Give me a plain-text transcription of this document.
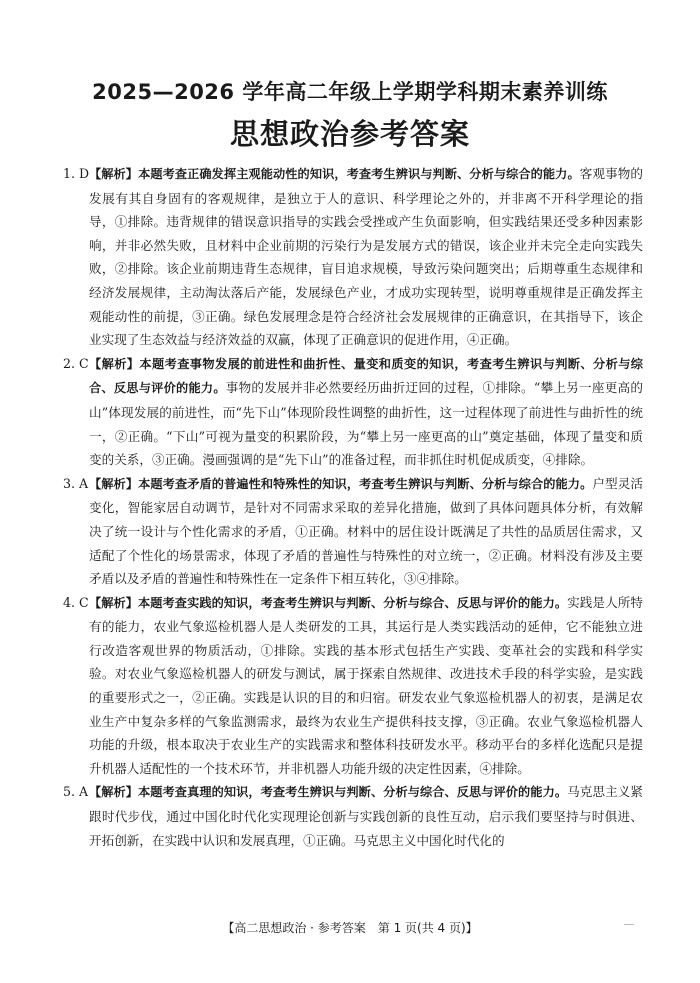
2025—2026 学年高二年级上学期学科期末素养训练
思想政治参考答案

1. D 【解析】本题考查正确发挥主观能动性的知识，考查考生辨识与判断、分析与综合的能力。客观事物的发展有其自身固有的客观规律，是独立于人的意识、科学理论之外的，并非离不开科学理论的指导，①排除。违背规律的错误意识指导的实践会受挫或产生负面影响，但实践结果还受多种因素影响，并非必然失败，且材料中企业前期的污染行为是发展方式的错误，该企业并未完全走向实践失败，②排除。该企业前期违背生态规律，盲目追求规模，导致污染问题突出；后期尊重生态规律和经济发展规律，主动淘汰落后产能，发展绿色产业，才成功实现转型，说明尊重规律是正确发挥主观能动性的前提，③正确。绿色发展理念是符合经济社会发展规律的正确意识，在其指导下，该企业实现了生态效益与经济效益的双赢，体现了正确意识的促进作用，④正确。

2. C 【解析】本题考查事物发展的前进性和曲折性、量变和质变的知识，考查考生辨识与判断、分析与综合、反思与评价的能力。事物的发展并非必然要经历曲折迂回的过程，①排除。“攀上另一座更高的山”体现发展的前进性，而“先下山”体现阶段性调整的曲折性，这一过程体现了前进性与曲折性的统一，②正确。“下山”可视为量变的积累阶段，为“攀上另一座更高的山”奠定基础，体现了量变和质变的关系，③正确。漫画强调的是“先下山”的准备过程，而非抓住时机促成质变，④排除。

3. A 【解析】本题考查矛盾的普遍性和特殊性的知识，考查考生辨识与判断、分析与综合的能力。户型灵活变化，智能家居自动调节，是针对不同需求采取的差异化措施，做到了具体问题具体分析，有效解决了统一设计与个性化需求的矛盾，①正确。材料中的居住设计既满足了共性的品质居住需求，又适配了个性化的场景需求，体现了矛盾的普遍性与特殊性的对立统一，②正确。材料没有涉及主要矛盾以及矛盾的普遍性和特殊性在一定条件下相互转化，③④排除。

4. C 【解析】本题考查实践的知识，考查考生辨识与判断、分析与综合、反思与评价的能力。实践是人所特有的能力，农业气象巡检机器人是人类研发的工具，其运行是人类实践活动的延伸，它不能独立进行改造客观世界的物质活动，①排除。实践的基本形式包括生产实践、变革社会的实践和科学实验。对农业气象巡检机器人的研发与测试，属于探索自然规律、改进技术手段的科学实验，是实践的重要形式之一，②正确。实践是认识的目的和归宿。研发农业气象巡检机器人的初衷，是满足农业生产中复杂多样的气象监测需求，最终为农业生产提供科技支撑，③正确。农业气象巡检机器人功能的升级，根本取决于农业生产的实践需求和整体科技研发水平。移动平台的多样化选配只是提升机器人适配性的一个技术环节，并非机器人功能升级的决定性因素，④排除。

5. A 【解析】本题考查真理的知识，考查考生辨识与判断、分析与综合、反思与评价的能力。马克思主义紧跟时代步伐，通过中国化时代化实现理论创新与实践创新的良性互动，启示我们要坚持与时俱进、开拓创新，在实践中认识和发展真理，①正确。马克思主义中国化时代化的

【高二思想政治 · 参考答案　第 1 页(共 4 页)】
